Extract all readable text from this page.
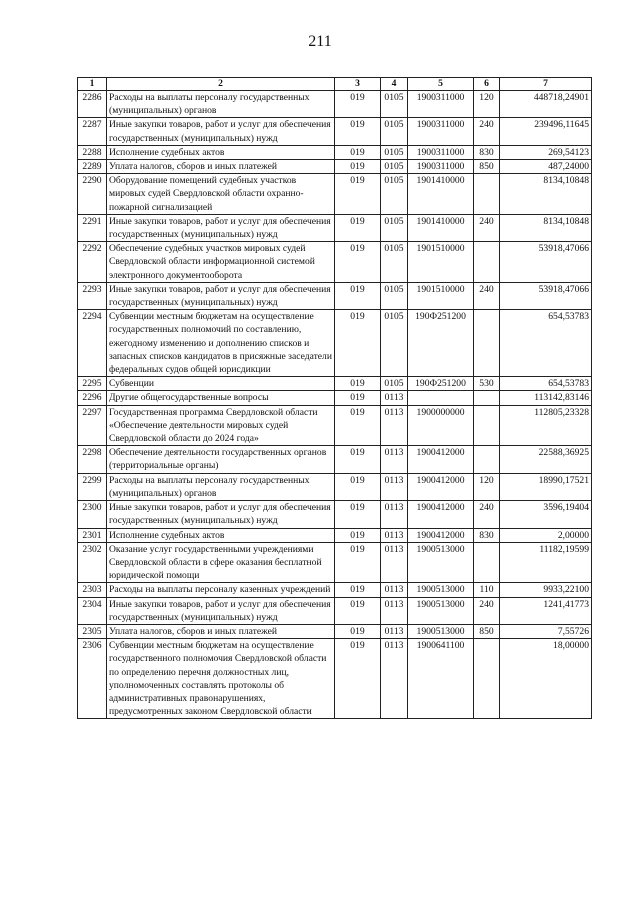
211
1	2	3	4	5	6	7
2286	Расходы на выплаты персоналу государственных (муниципальных) органов	019	0105	1900311000	120	448718,24901
2287	Иные закупки товаров, работ и услуг для обеспечения государственных (муниципальных) нужд	019	0105	1900311000	240	239496,11645
2288	Исполнение судебных актов	019	0105	1900311000	830	269,54123
2289	Уплата налогов, сборов и иных платежей	019	0105	1900311000	850	487,24000
2290	Оборудование помещений судебных участков мировых судей Свердловской области охранно-пожарной сигнализацией	019	0105	1901410000		8134,10848
2291	Иные закупки товаров, работ и услуг для обеспечения государственных (муниципальных) нужд	019	0105	1901410000	240	8134,10848
2292	Обеспечение судебных участков мировых судей Свердловской области информационной системой электронного документооборота	019	0105	1901510000		53918,47066
2293	Иные закупки товаров, работ и услуг для обеспечения государственных (муниципальных) нужд	019	0105	1901510000	240	53918,47066
2294	Субвенции местным бюджетам на осуществление государственных полномочий по составлению, ежегодному изменению и дополнению списков и запасных списков кандидатов в присяжные заседатели федеральных судов общей юрисдикции	019	0105	190Ф251200		654,53783
2295	Субвенции	019	0105	190Ф251200	530	654,53783
2296	Другие общегосударственные вопросы	019	0113			113142,83146
2297	Государственная программа Свердловской области «Обеспечение деятельности мировых судей Свердловской области до 2024 года»	019	0113	1900000000		112805,23328
2298	Обеспечение деятельности государственных органов (территориальные органы)	019	0113	1900412000		22588,36925
2299	Расходы на выплаты персоналу государственных (муниципальных) органов	019	0113	1900412000	120	18990,17521
2300	Иные закупки товаров, работ и услуг для обеспечения государственных (муниципальных) нужд	019	0113	1900412000	240	3596,19404
2301	Исполнение судебных актов	019	0113	1900412000	830	2,00000
2302	Оказание услуг государственными учреждениями Свердловской области в сфере оказания бесплатной юридической помощи	019	0113	1900513000		11182,19599
2303	Расходы на выплаты персоналу казенных учреждений	019	0113	1900513000	110	9933,22100
2304	Иные закупки товаров, работ и услуг для обеспечения государственных (муниципальных) нужд	019	0113	1900513000	240	1241,41773
2305	Уплата налогов, сборов и иных платежей	019	0113	1900513000	850	7,55726
2306	Субвенции местным бюджетам на осуществление государственного полномочия Свердловской области по определению перечня должностных лиц, уполномоченных составлять протоколы об административных правонарушениях, предусмотренных законом Свердловской области	019	0113	1900641100		18,00000
